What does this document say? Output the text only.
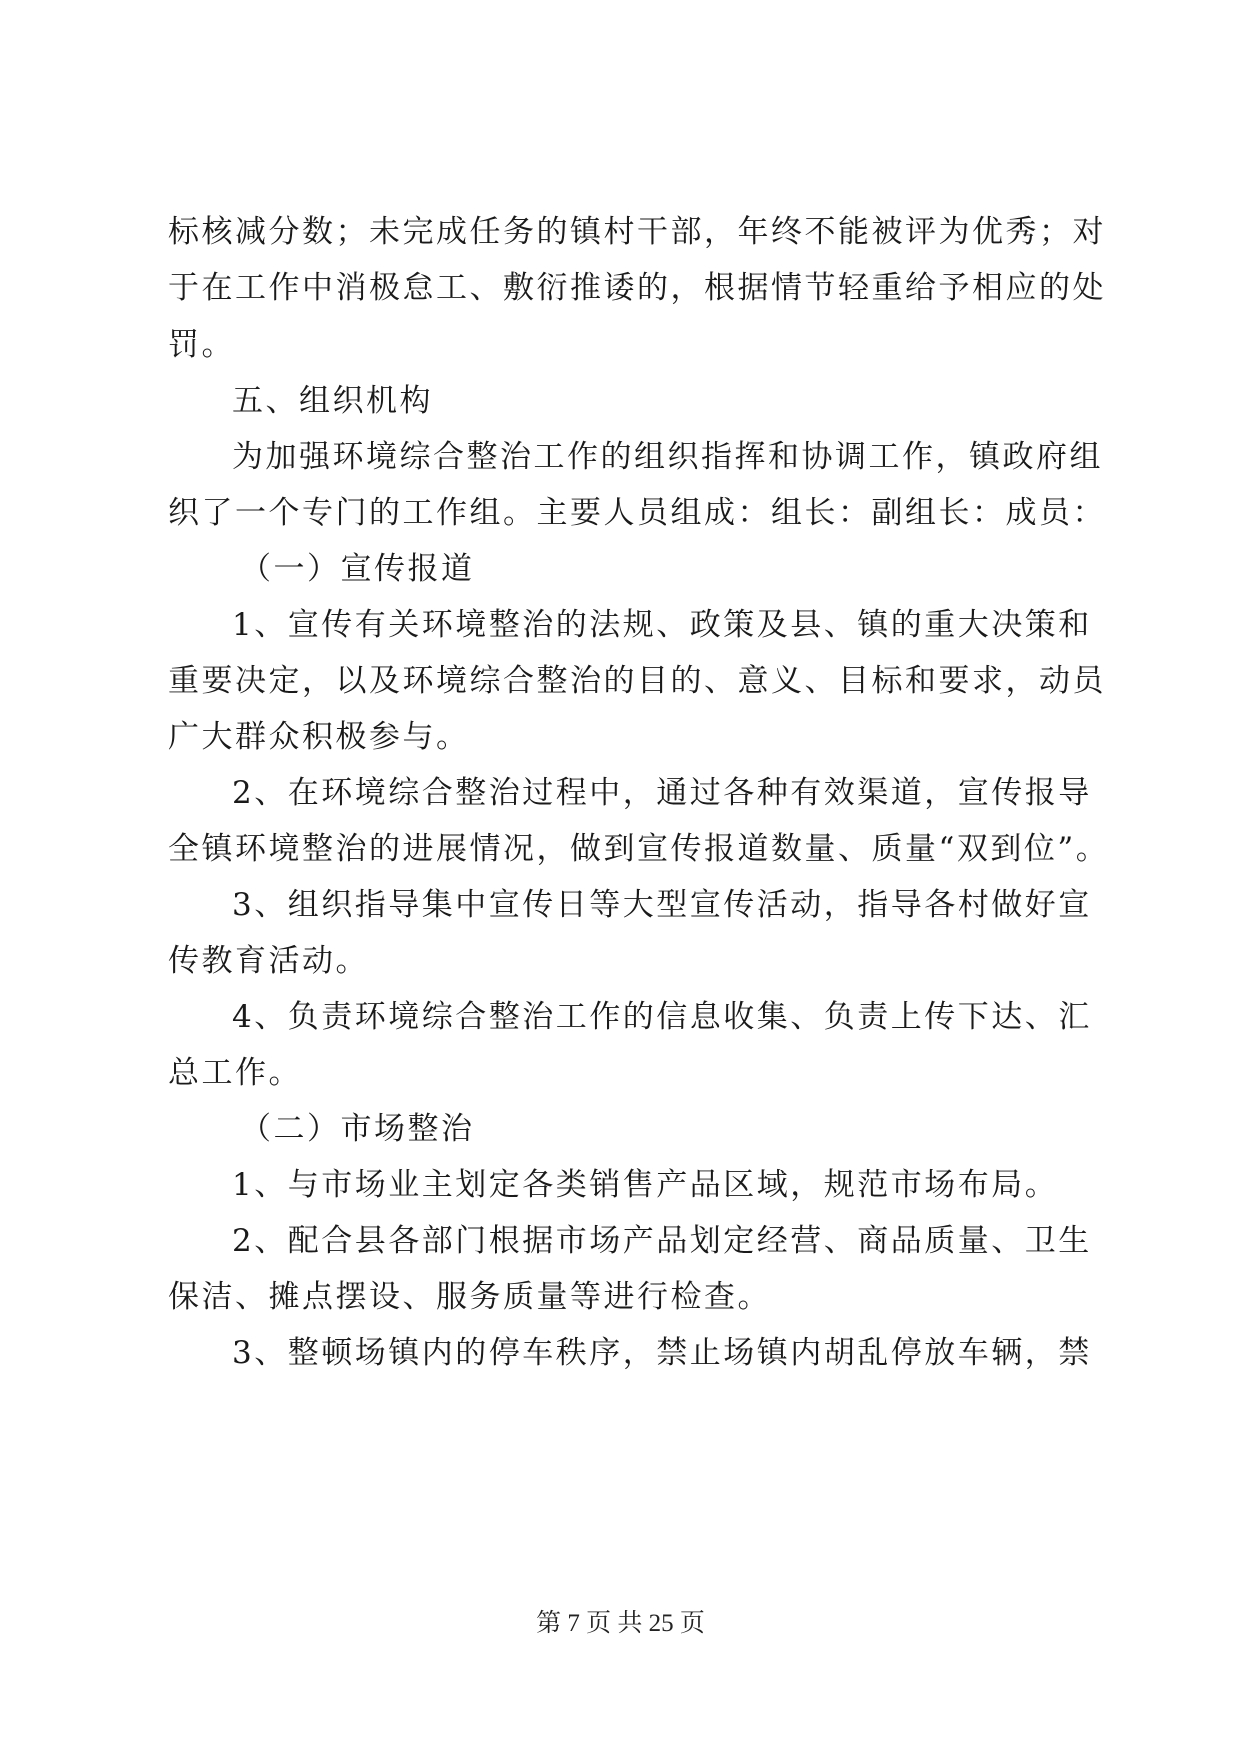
标核减分数；未完成任务的镇村干部，年终不能被评为优秀；对
于在工作中消极怠工、敷衍推诿的，根据情节轻重给予相应的处
罚。
五、组织机构
为加强环境综合整治工作的组织指挥和协调工作，镇政府组
织了一个专门的工作组。主要人员组成：组长：副组长：成员：
（一）宣传报道
1、宣传有关环境整治的法规、政策及县、镇的重大决策和
重要决定，以及环境综合整治的目的、意义、目标和要求，动员
广大群众积极参与。
2、在环境综合整治过程中，通过各种有效渠道，宣传报导
全镇环境整治的进展情况，做到宣传报道数量、质量“双到位”。
3、组织指导集中宣传日等大型宣传活动，指导各村做好宣
传教育活动。
4、负责环境综合整治工作的信息收集、负责上传下达、汇
总工作。
（二）市场整治
1、与市场业主划定各类销售产品区域，规范市场布局。
2、配合县各部门根据市场产品划定经营、商品质量、卫生
保洁、摊点摆设、服务质量等进行检查。
3、整顿场镇内的停车秩序，禁止场镇内胡乱停放车辆，禁
第 7 页 共 25 页
